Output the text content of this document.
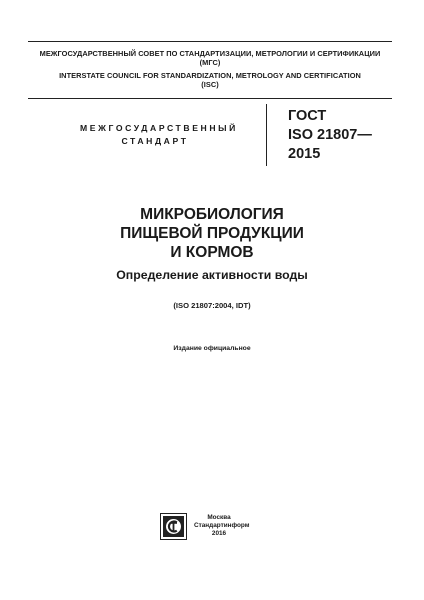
МЕЖГОСУДАРСТВЕННЫЙ СОВЕТ ПО СТАНДАРТИЗАЦИИ, МЕТРОЛОГИИ И СЕРТИФИКАЦИИ
(МГС)
INTERSTATE COUNCIL FOR STANDARDIZATION, METROLOGY AND CERTIFICATION
(ISC)
МЕЖГОСУДАРСТВЕННЫЙ
СТАНДАРТ
ГОСТ
ISO 21807—
2015
МИКРОБИОЛОГИЯ
ПИЩЕВОЙ ПРОДУКЦИИ
И КОРМОВ
Определение активности воды
(ISO 21807:2004, IDT)
Издание официальное
Москва
Стандартинформ
2016
